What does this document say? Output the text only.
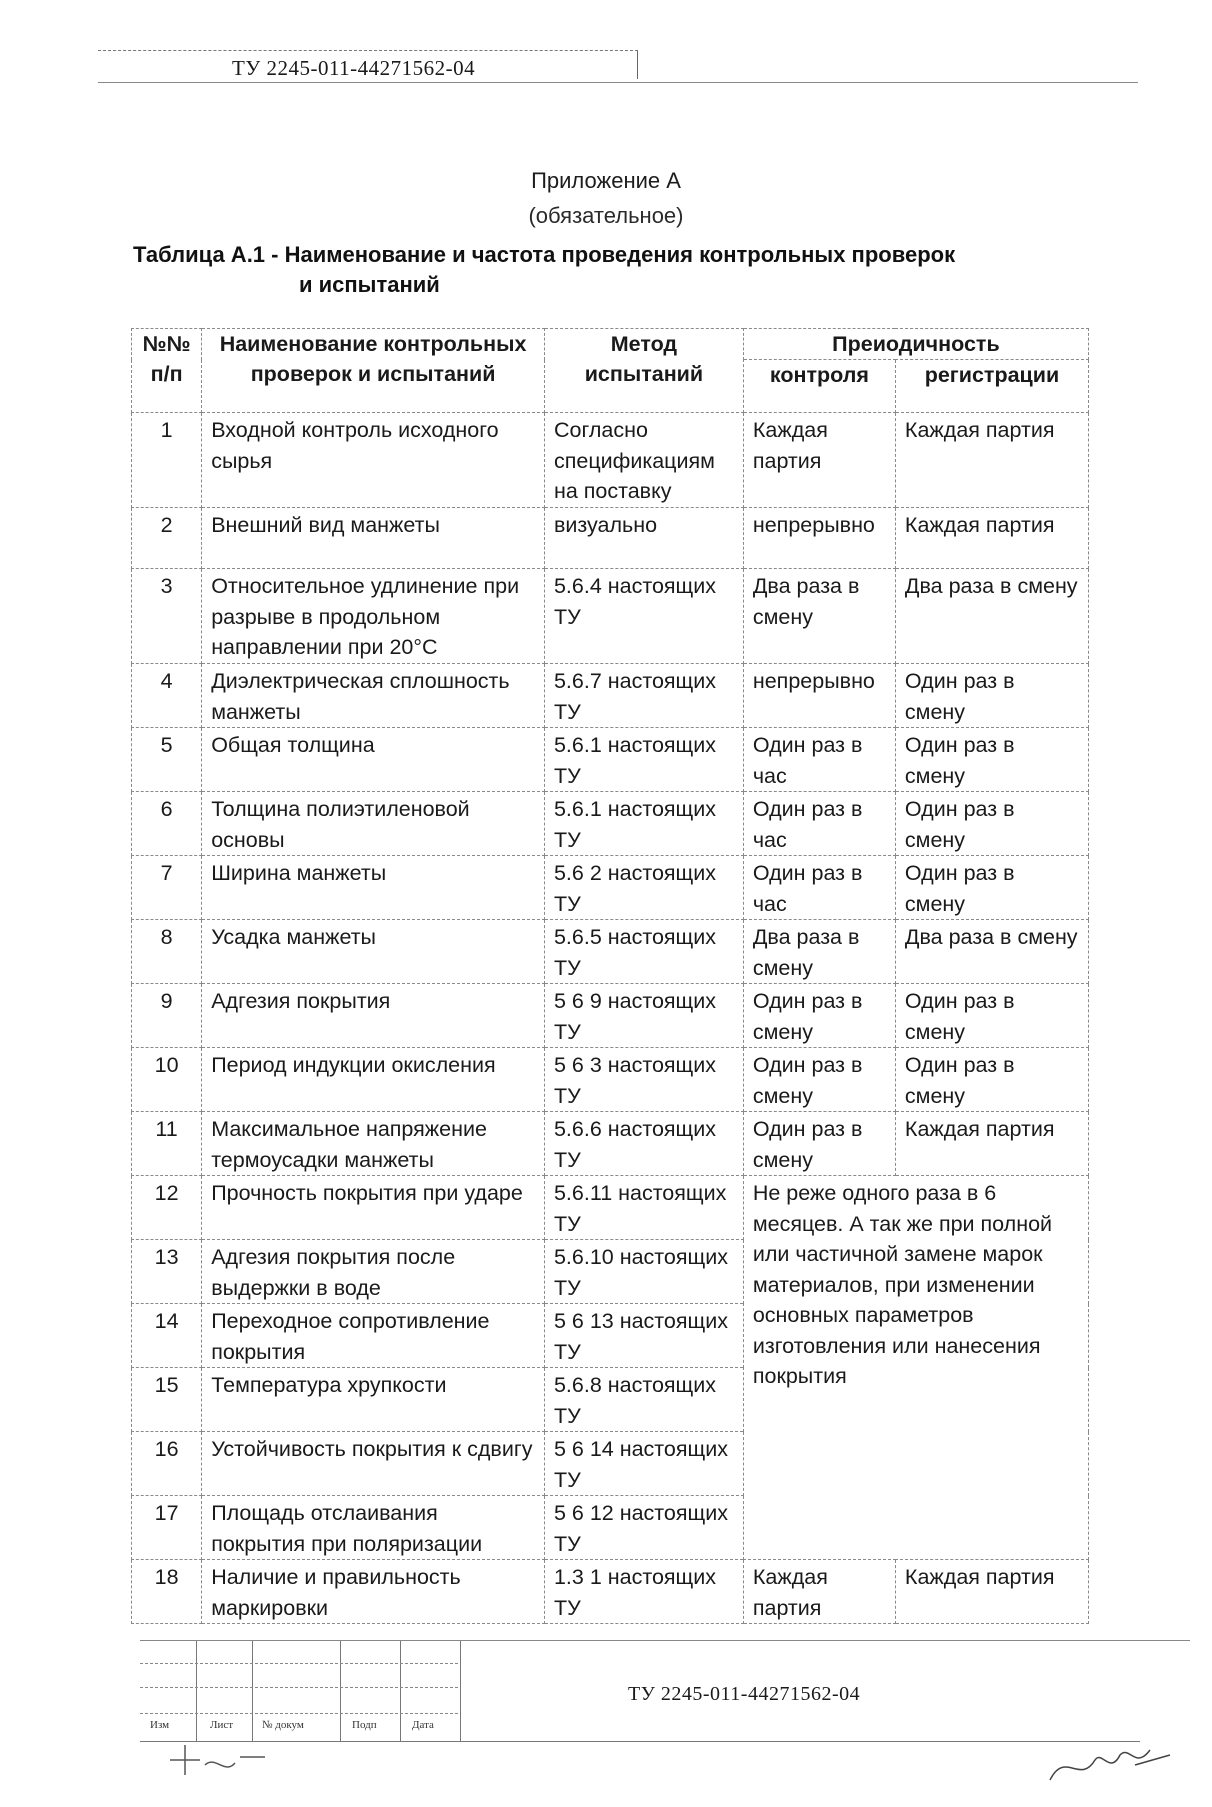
ТУ 2245-011-44271562-04
Приложение А
(обязательное)
Таблица А.1 - Наименование и частота проведения контрольных проверок
и испытаний
№№ п/п	Наименование контрольных проверок и испытаний	Метод испытаний	Преиодичность	
			контроля	регистрации
1	Входной контроль исходного сырья	Согласно спецификациям на поставку	Каждая партия	Каждая партия
2	Внешний вид манжеты	визуально	непрерывно	Каждая партия
3	Относительное удлинение при разрыве в продольном направлении при 20°С	5.6.4 настоящих ТУ	Два раза в смену	Два раза в смену
4	Диэлектрическая сплошность манжеты	5.6.7 настоящих ТУ	непрерывно	Один раз в смену
5	Общая толщина	5.6.1 настоящих ТУ	Один раз в час	Один раз в смену
6	Толщина полиэтиленовой основы	5.6.1 настоящих ТУ	Один раз в час	Один раз в смену
7	Ширина манжеты	5.6 2 настоящих ТУ	Один раз в час	Один раз в смену
8	Усадка манжеты	5.6.5 настоящих ТУ	Два раза в смену	Два раза в смену
9	Адгезия покрытия	5 6 9 настоящих ТУ	Один раз в смену	Один раз в смену
10	Период индукции окисления	5 6 3 настоящих ТУ	Один раз в смену	Один раз в смену
11	Максимальное напряжение термоусадки манжеты	5.6.6 настоящих ТУ	Один раз в смену	Каждая партия
12	Прочность покрытия при ударе	5.6.11 настоящих ТУ	Не реже одного раза в 6 месяцев. А так же при полной или частичной замене марок материалов, при изменении основных параметров изготовления или нанесения покрытия	
13	Адгезия покрытия после выдержки в воде	5.6.10 настоящих ТУ		
14	Переходное сопротивление покрытия	5 6 13 настоящих ТУ		
15	Температура хрупкости	5.6.8 настоящих ТУ		
16	Устойчивость покрытия к сдвигу	5 6 14 настоящих ТУ		
17	Площадь отслаивания покрытия при поляризации	5 6 12 настоящих ТУ		
18	Наличие и правильность маркировки	1.3 1 настоящих ТУ	Каждая партия	Каждая партия
Изм	Лист	№ докум	Подп	Дата
ТУ 2245-011-44271562-04
